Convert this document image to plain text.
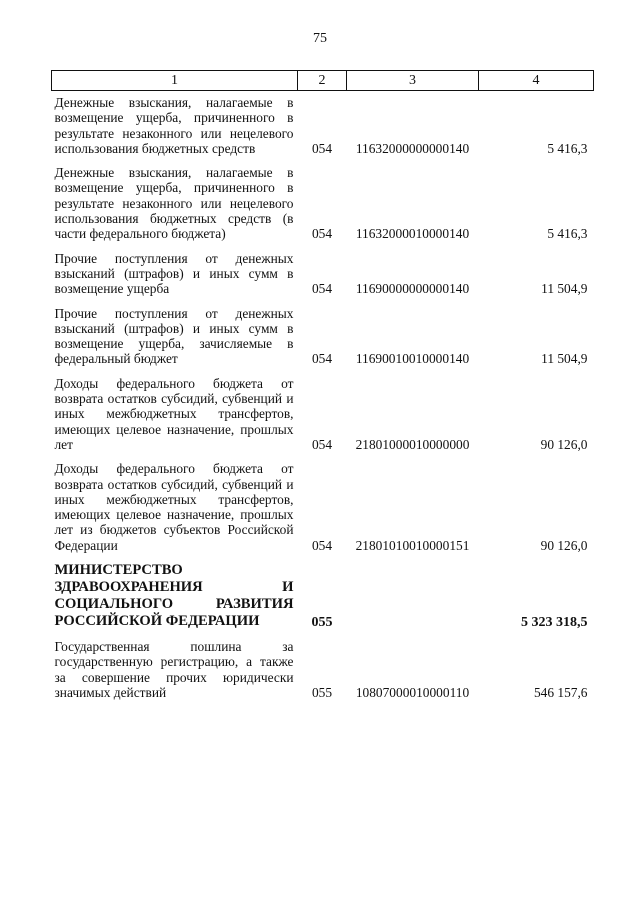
75
1	2	3	4
Денежные взыскания, налагаемые в возмещение ущерба, причиненного в результате незаконного или нецелевого использования бюджетных средств	054	11632000000000140	5 416,3
Денежные взыскания, налагаемые в возмещение ущерба, причиненного в результате незаконного или нецелевого использования бюджетных средств (в части федерального бюджета)	054	11632000010000140	5 416,3
Прочие поступления от денежных взысканий (штрафов) и иных сумм в возмещение ущерба	054	11690000000000140	11 504,9
Прочие поступления от денежных взысканий (штрафов) и иных сумм в возмещение ущерба, зачисляемые в федеральный бюджет	054	11690010010000140	11 504,9
Доходы федерального бюджета от возврата остатков субсидий, субвенций и иных межбюджетных трансфертов, имеющих целевое назначение, прошлых лет	054	21801000010000000	90 126,0
Доходы федерального бюджета от возврата остатков субсидий, субвенций и иных межбюджетных трансфертов, имеющих целевое назначение, прошлых лет из бюджетов субъектов Российской Федерации	054	21801010010000151	90 126,0
МИНИСТЕРСТВО ЗДРАВООХРАНЕНИЯ И СОЦИАЛЬНОГО РАЗВИТИЯ РОССИЙСКОЙ ФЕДЕРАЦИИ	055		5 323 318,5
Государственная пошлина за государственную регистрацию, а также за совершение прочих юридически значимых действий	055	10807000010000110	546 157,6
